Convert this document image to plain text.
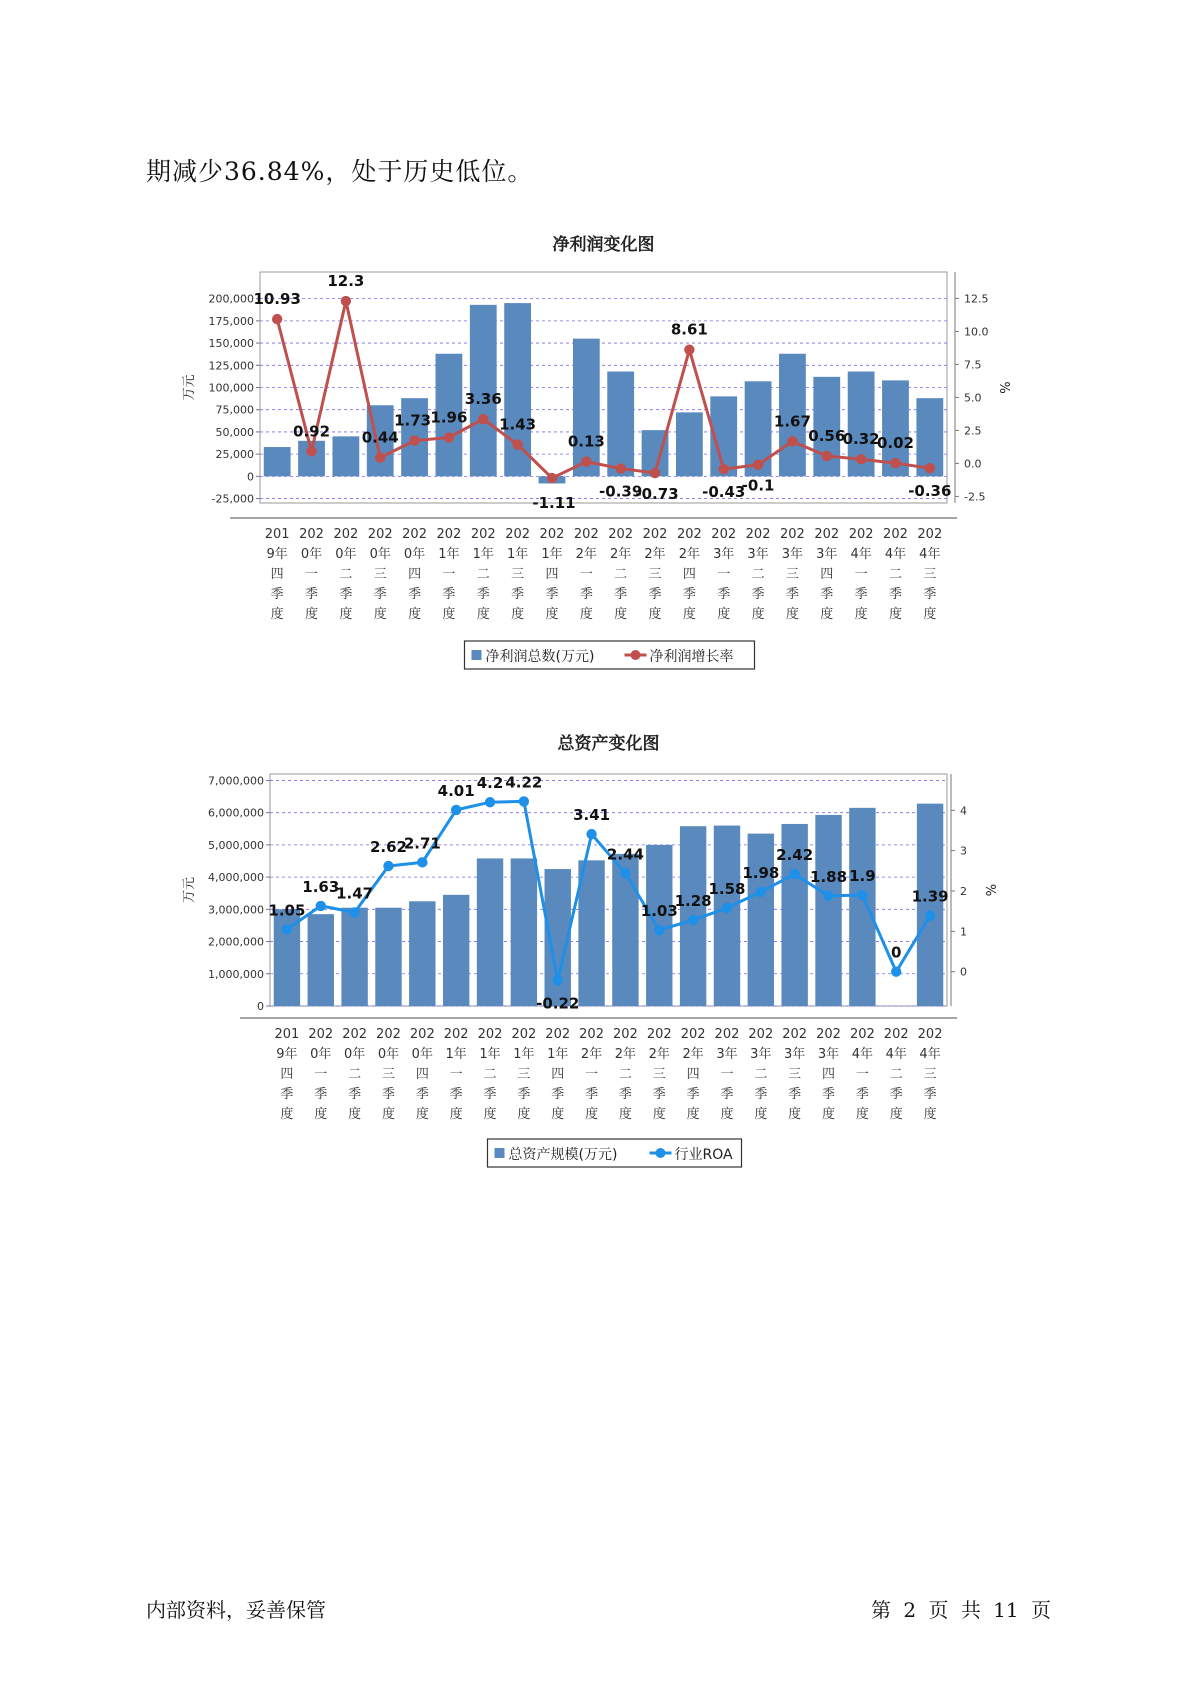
期减少36.84%，处于历史低位。
净利润变化图
-25,000
0
25,000
50,000
75,000
100,000
125,000
150,000
175,000
200,000
-2.5
0.0
2.5
5.0
7.5
10.0
12.5
万元	%
10.93
0.92
12.3
0.44
1.73 1.96
3.36
1.43
-1.11
0.13
-0.39
-0.73
8.61
-0.43
-0.1
1.67
0.56
0.32
0.02
-0.36
201
9年
四
季
度
202
0年
一
季
度
202
0年
二
季
度
202
0年
三
季
度
202
0年
四
季
度
202
1年
一
季
度
202
1年
二
季
度
202
1年
三
季
度
202
1年
四
季
度
202
2年
一
季
度
202
2年
二
季
度
202
2年
三
季
度
202
2年
四
季
度
202
3年
一
季
度
202
3年
二
季
度
202
3年
三
季
度
202
3年
四
季
度
202
4年
一
季
度
202
4年
二
季
度
202
4年
三
季
度
净利润总数(万元)	净利润增长率
总资产变化图
0
1,000,000
2,000,000
3,000,000
4,000,000
5,000,000
6,000,000
7,000,000
0
1
2
3
4
万元	%
1.05
1.63
1.47
2.62
2.71
4.01 4.2 4.22
-0.22
3.41
2.44
1.03
1.28
1.58
1.98
2.42
1.88 1.9
0
1.39
201
9年
四
季
度
202
0年
一
季
度
202
0年
二
季
度
202
0年
三
季
度
202
0年
四
季
度
202
1年
一
季
度
202
1年
二
季
度
202
1年
三
季
度
202
1年
四
季
度
202
2年
一
季
度
202
2年
二
季
度
202
2年
三
季
度
202
2年
四
季
度
202
3年
一
季
度
202
3年
二
季
度
202
3年
三
季
度
202
3年
四
季
度
202
4年
一
季
度
202
4年
二
季
度
202
4年
三
季
度
总资产规模(万元)	行业ROA
内部资料，妥善保管	第 2 页 共 11 页
